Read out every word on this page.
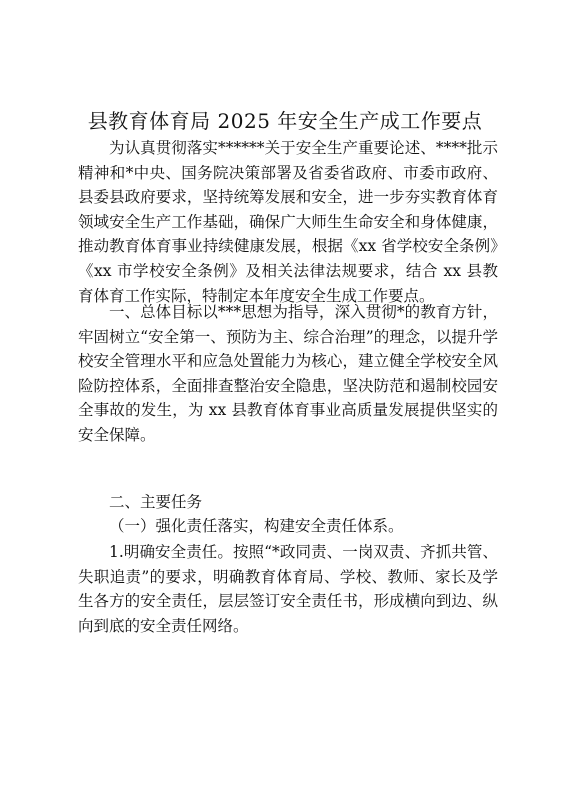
县教育体育局 2025 年安全生产成工作要点

为认真贯彻落实******关于安全生产重要论述、****批示精神和*中央、国务院决策部署及省委省政府、市委市政府、县委县政府要求，坚持统筹发展和安全，进一步夯实教育体育领域安全生产工作基础，确保广大师生生命安全和身体健康，推动教育体育事业持续健康发展，根据《xx 省学校安全条例》《xx 市学校安全条例》及相关法律法规要求，结合 xx 县教育体育工作实际，特制定本年度安全生成工作要点。

一、总体目标以***思想为指导，深入贯彻*的教育方针，牢固树立“安全第一、预防为主、综合治理”的理念，以提升学校安全管理水平和应急处置能力为核心，建立健全学校安全风险防控体系，全面排查整治安全隐患，坚决防范和遏制校园安全事故的发生，为 xx 县教育体育事业高质量发展提供坚实的安全保障。

二、主要任务

（一）强化责任落实，构建安全责任体系。

1.明确安全责任。按照“*政同责、一岗双责、齐抓共管、失职追责”的要求，明确教育体育局、学校、教师、家长及学生各方的安全责任，层层签订安全责任书，形成横向到边、纵向到底的安全责任网络。
